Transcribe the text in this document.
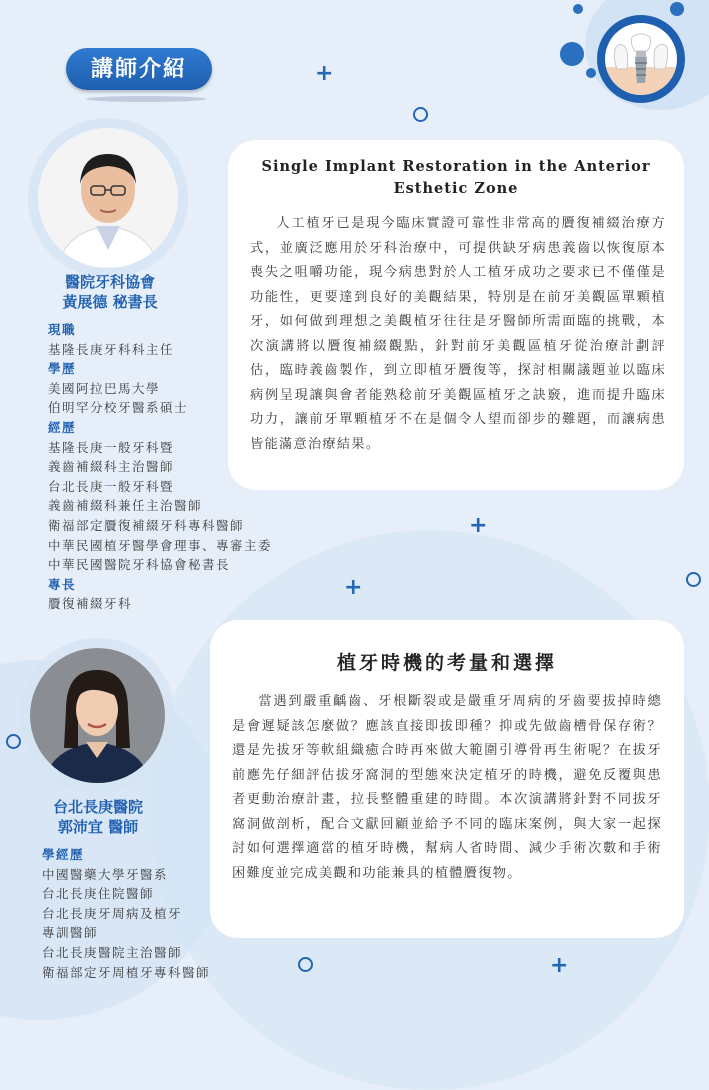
+
+
+
+
講師介紹
醫院牙科協會
黃展德 秘書長
現職
基隆長庚牙科科主任
學歷
美國阿拉巴馬大學
伯明罕分校牙醫系碩士
經歷
基隆長庚一般牙科暨
義齒補綴科主治醫師
台北長庚一般牙科暨
義齒補綴科兼任主治醫師
衛福部定贗復補綴牙科專科醫師
中華民國植牙醫學會理事、專審主委
中華民國醫院牙科協會秘書長
專長
贗復補綴牙科
Single Implant Restoration in the Anterior
Esthetic Zone

人工植牙已是現今臨床實證可靠性非常高的贗復補綴治療方式，並廣泛應用於牙科治療中，可提供缺牙病患義齒以恢復原本喪失之咀嚼功能，現今病患對於人工植牙成功之要求已不僅僅是功能性，更要達到良好的美觀結果，特別是在前牙美觀區單顆植牙，如何做到理想之美觀植牙往往是牙醫師所需面臨的挑戰，本次演講將以贗復補綴觀點，針對前牙美觀區植牙從治療計劃評估，臨時義齒製作，到立即植牙贗復等，探討相關議題並以臨床病例呈現讓與會者能熟稔前牙美觀區植牙之訣竅，進而提升臨床功力，讓前牙單顆植牙不在是個令人望而卻步的難題，而讓病患皆能滿意治療結果。

台北長庚醫院
郭沛宜 醫師
學經歷
中國醫藥大學牙醫系
台北長庚住院醫師
台北長庚牙周病及植牙
專訓醫師
台北長庚醫院主治醫師
衛福部定牙周植牙專科醫師
植牙時機的考量和選擇

當遇到嚴重齲齒、牙根斷裂或是嚴重牙周病的牙齒要拔掉時總是會遲疑該怎麼做？應該直接即拔即種？抑或先做齒槽骨保存術？還是先拔牙等軟組織癒合時再來做大範圍引導骨再生術呢？在拔牙前應先仔細評估拔牙窩洞的型態來決定植牙的時機，避免反覆與患者更動治療計畫，拉長整體重建的時間。本次演講將針對不同拔牙窩洞做剖析，配合文獻回顧並給予不同的臨床案例，與大家一起探討如何選擇適當的植牙時機，幫病人省時間、減少手術次數和手術困難度並完成美觀和功能兼具的植體贗復物。
